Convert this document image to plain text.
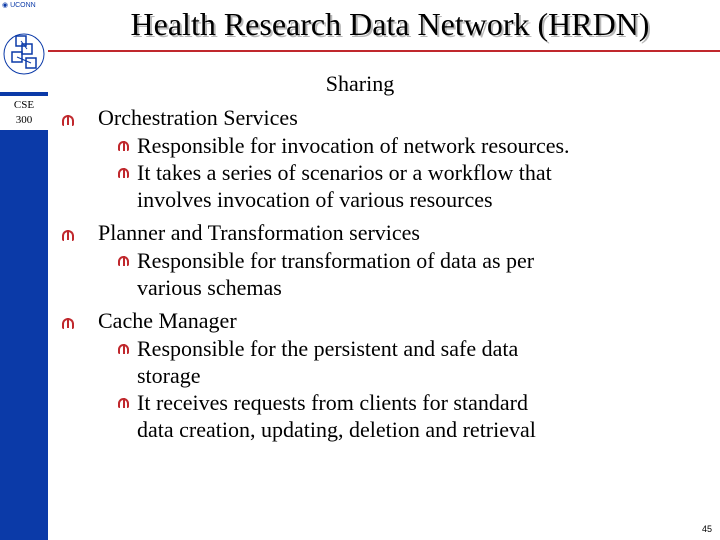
◉ UCONN
CSE
300
Health Research Data Network (HRDN)
Sharing
Orchestration Services
Responsible for invocation of network resources.
It takes a series of scenarios or a workflow that
involves invocation of various resources
Planner and Transformation services
Responsible for transformation of data as per
various schemas
Cache Manager
Responsible for the persistent and safe data
storage
It receives requests from clients for standard
data creation, updating, deletion and retrieval
45
